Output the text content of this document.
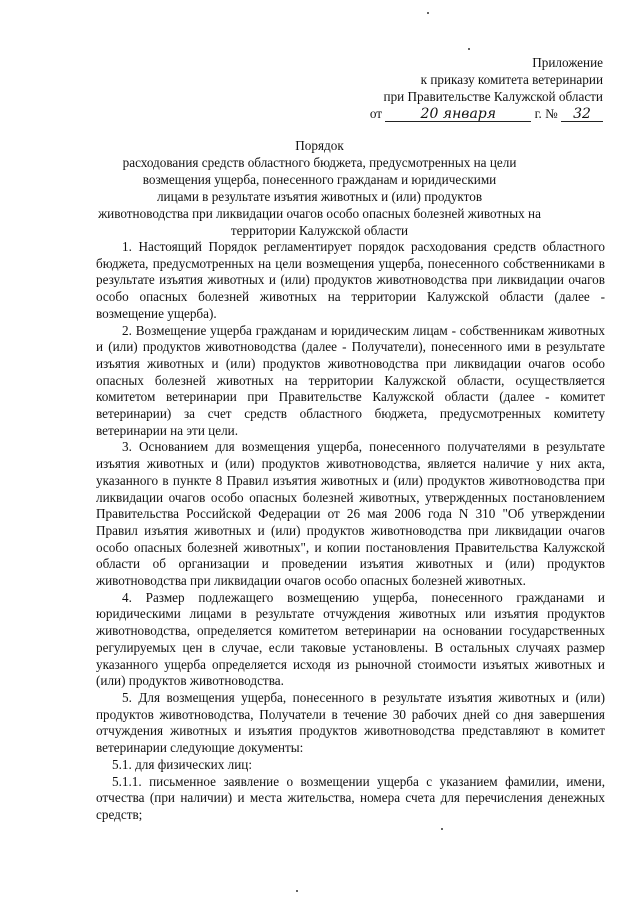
Приложение
к приказу комитета ветеринарии
при Правительстве Калужской области
от	20 января	г. № 32
Порядок
расходования средств областного бюджета, предусмотренных на цели
возмещения ущерба, понесенного гражданам и юридическими
лицами в результате изъятия животных и (или) продуктов
животноводства при ликвидации очагов особо опасных болезней животных на
территории Калужской области

1. Настоящий Порядок регламентирует порядок расходования средств областного бюджета, предусмотренных на цели возмещения ущерба, понесенного собственниками в результате изъятия животных и (или) продуктов животноводства при ликвидации очагов особо опасных болезней животных на территории Калужской области (далее - возмещение ущерба).

2. Возмещение ущерба гражданам и юридическим лицам - собственникам животных и (или) продуктов животноводства (далее - Получатели), понесенного ими в результате изъятия животных и (или) продуктов животноводства при ликвидации очагов особо опасных болезней животных на территории Калужской области, осуществляется комитетом ветеринарии при Правительстве Калужской области (далее - комитет ветеринарии) за счет средств областного бюджета, предусмотренных комитету ветеринарии на эти цели.

3. Основанием для возмещения ущерба, понесенного получателями в результате изъятия животных и (или) продуктов животноводства, является наличие у них акта, указанного в пункте 8 Правил изъятия животных и (или) продуктов животноводства при ликвидации очагов особо опасных болезней животных, утвержденных постановлением Правительства Российской Федерации от 26 мая 2006 года N 310 "Об утверждении Правил изъятия животных и (или) продуктов животноводства при ликвидации очагов особо опасных болезней животных", и копии постановления Правительства Калужской области об организации и проведении изъятия животных и (или) продуктов животноводства при ликвидации очагов особо опасных болезней животных.

4. Размер подлежащего возмещению ущерба, понесенного гражданами и юридическими лицами в результате отчуждения животных или изъятия продуктов животноводства, определяется комитетом ветеринарии на основании государственных регулируемых цен в случае, если таковые установлены. В остальных случаях размер указанного ущерба определяется исходя из рыночной стоимости изъятых животных и (или) продуктов животноводства.

5. Для возмещения ущерба, понесенного в результате изъятия животных и (или) продуктов животноводства, Получатели в течение 30 рабочих дней со дня завершения отчуждения животных и изъятия продуктов животноводства представляют в комитет ветеринарии следующие документы:

5.1. для физических лиц:

5.1.1. письменное заявление о возмещении ущерба с указанием фамилии, имени, отчества (при наличии) и места жительства, номера счета для перечисления денежных средств;
